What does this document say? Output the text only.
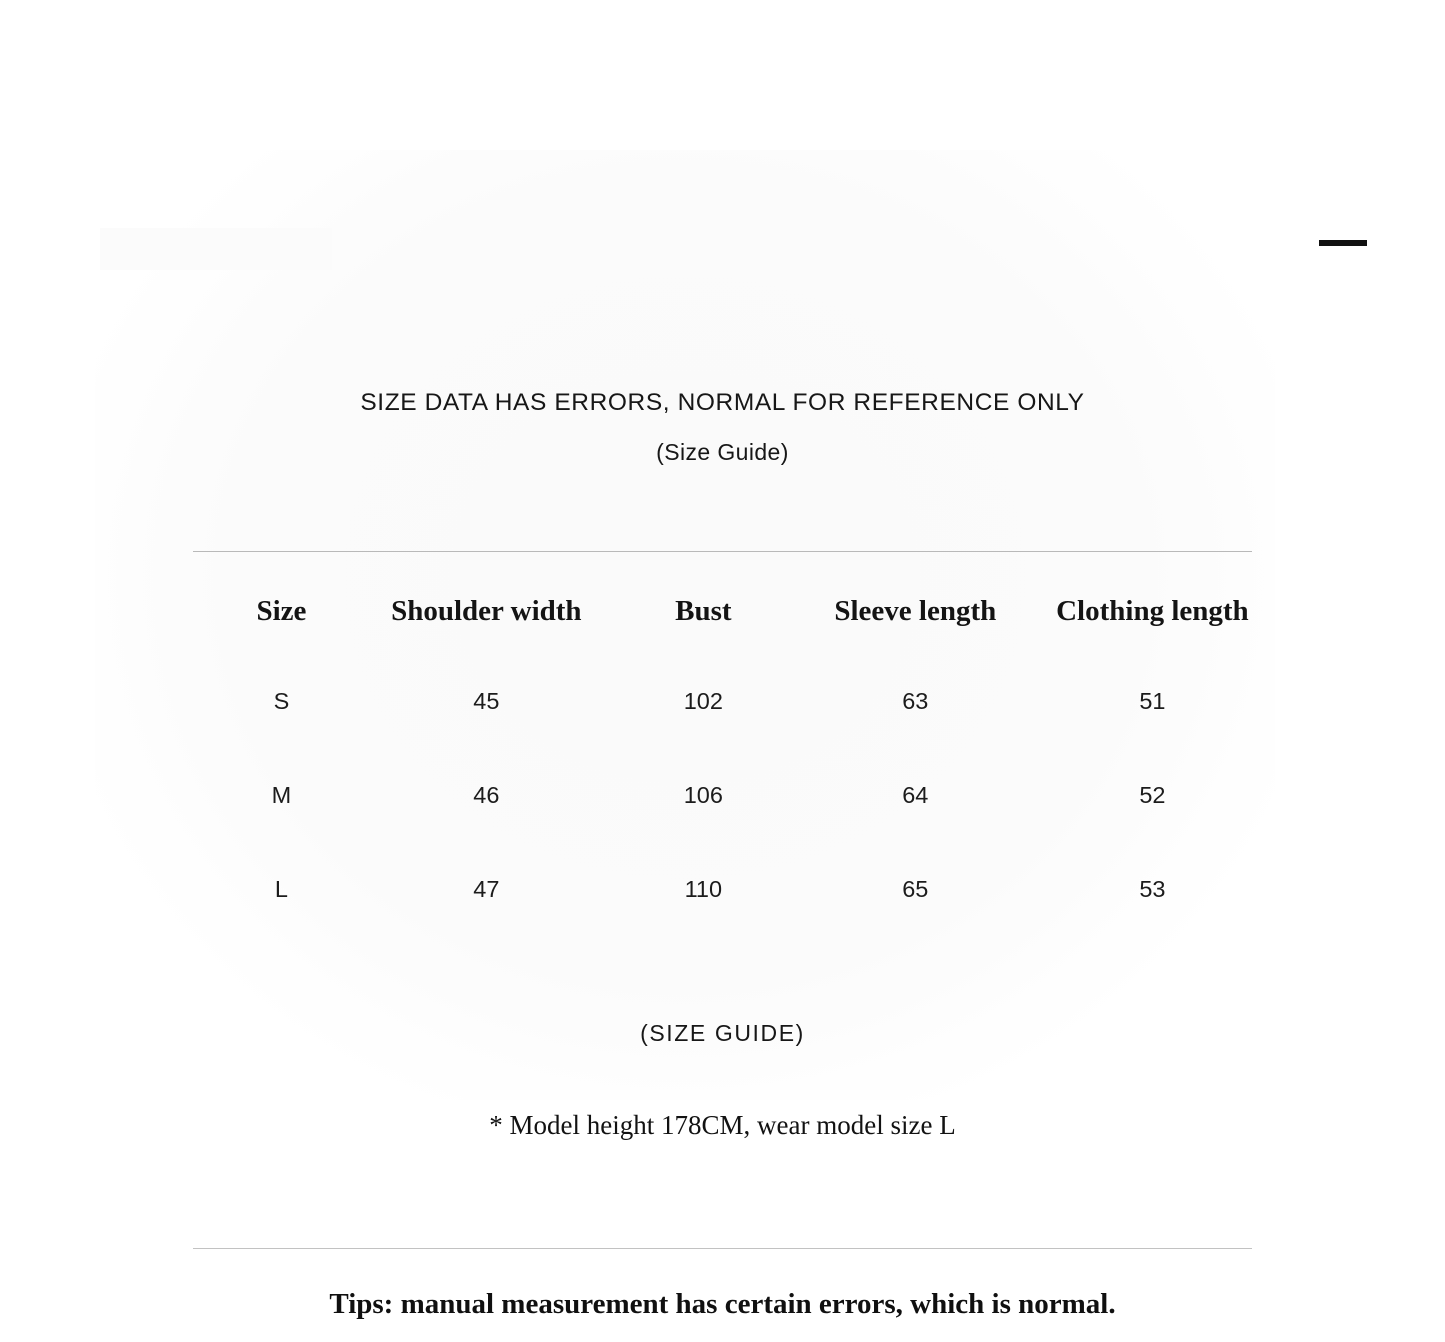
SIZE DATA HAS ERRORS, NORMAL FOR REFERENCE ONLY
(Size Guide)
Size	Shoulder width	Bust	Sleeve length	Clothing length
S	45	102	63	51
M	46	106	64	52
L	47	110	65	53
(SIZE GUIDE)
* Model height 178CM, wear model size L
Tips: manual measurement has certain errors, which is normal.
